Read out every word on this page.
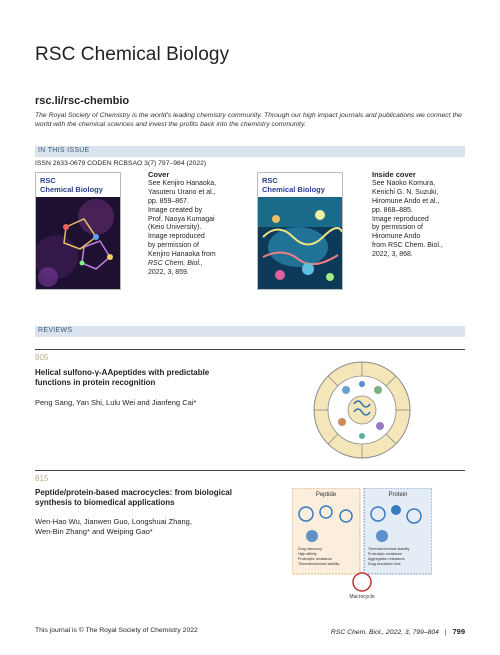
RSC Chemical Biology
rsc.li/rsc-chembio
The Royal Society of Chemistry is the world's leading chemistry community. Through our high impact journals and publications we connect the world with the chemical sciences and invest the profits back into the chemistry community.
IN THIS ISSUE
ISSN 2633-0679 CODEN RCBSAO 3(7) 797–984 (2022)
RSC
Chemical Biology
Cover
See Kenjiro Hanaoka,
Yasuteru Urano et al.,
pp. 859–867.
Image created by
Prof. Naoya Kumagai
(Keio University).
Image reproduced
by permission of
Kenjiro Hanaoka from
RSC Chem. Biol.,
2022, 3, 859.
RSC
Chemical Biology
Inside cover
See Naoko Komura,
Kenichi G. N. Suzuki,
Hiromune Ando et al.,
pp. 868–885.
Image reproduced
by permission of
Hiromune Ando
from RSC Chem. Biol.,
2022, 3, 868.
REVIEWS
805
Helical sulfono-γ-AApeptides with predictable
functions in protein recognition
Peng Sang, Yan Shi, Lulu Wei and Jianfeng Cai*
815
Peptide/protein-based macrocycles: from biological
synthesis to biomedical applications
Wen-Hao Wu, Jianwen Guo, Longshuai Zhang,
Wen-Bin Zhang* and Weiping Gao*
Peptide	Protein
Drug discovery
High affinity
Proteolytic resistance
Thermal/chemical stability
Thermal/chemical stability
Proteolytic resistance
Aggregation resistance
Drug circulation time
Macrocycle
This journal is © The Royal Society of Chemistry 2022	RSC Chem. Biol., 2022, 3, 799–804 | 799
